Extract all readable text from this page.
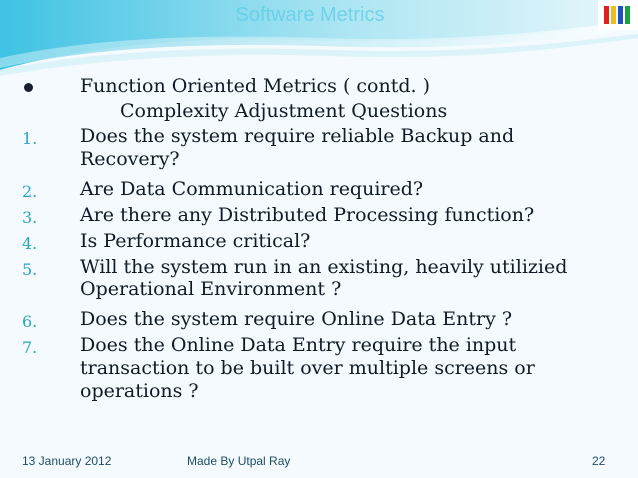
Software Metrics
Function Oriented Metrics ( contd. )
Complexity Adjustment Questions
1. Does the system require reliable Backup and
Recovery?
2. Are Data Communication required?
3. Are there any Distributed Processing function?
4. Is Performance critical?
5. Will the system run in an existing, heavily utilizied
Operational Environment ?
6. Does the system require Online Data Entry ?
7. Does the Online Data Entry require the input
transaction to be built over multiple screens or
operations ?
13 January 2012	Made By Utpal Ray	22
